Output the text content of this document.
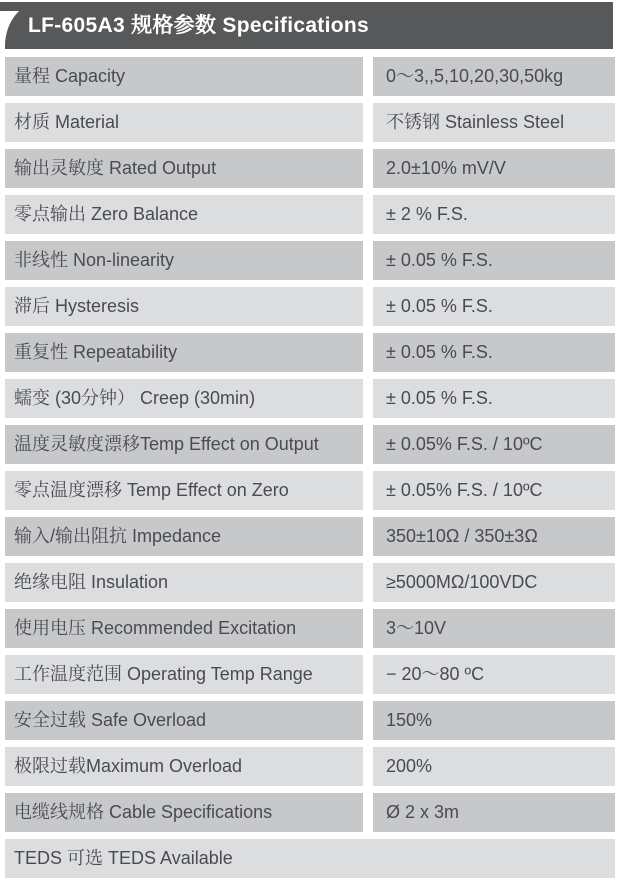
LF-605A3 规格参数 Specifications
量程 Capacity	0～3,,5,10,20,30,50kg
材质 Material	不锈钢 Stainless Steel
输出灵敏度 Rated Output	2.0±10% mV/V
零点输出 Zero Balance	± 2 % F.S.
非线性 Non-linearity	± 0.05 % F.S.
滞后 Hysteresis	± 0.05 % F.S.
重复性 Repeatability	± 0.05 % F.S.
蠕变 (30分钟） Creep (30min)	± 0.05 % F.S.
温度灵敏度漂移Temp Effect on Output	± 0.05% F.S. / 10ºC
零点温度漂移 Temp Effect on Zero	± 0.05% F.S. / 10ºC
输入/输出阻抗 Impedance	350±10Ω / 350±3Ω
绝缘电阻 Insulation	≥5000MΩ/100VDC
使用电压 Recommended Excitation	3～10V
工作温度范围 Operating Temp Range	− 20～80 ºC
安全过载 Safe Overload	150%
极限过载Maximum Overload	200%
电缆线规格 Cable Specifications	Ø 2 x 3m
TEDS 可选 TEDS Available
